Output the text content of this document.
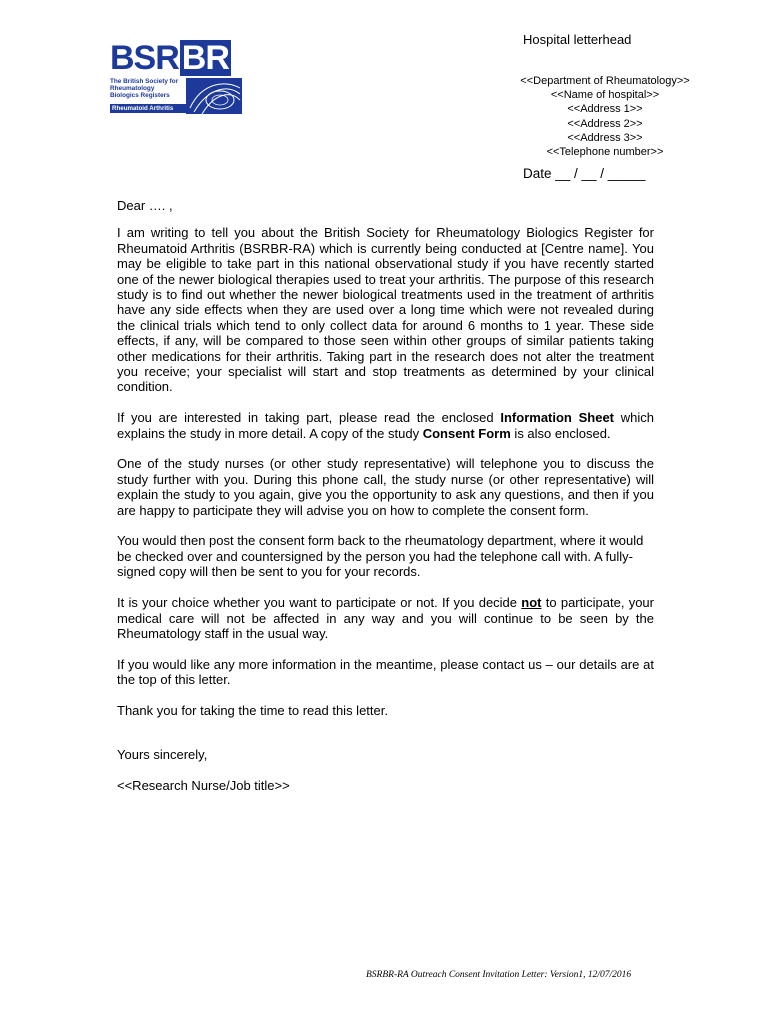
Hospital letterhead
BSR BR
The British Society for
Rheumatology
Biologics Registers
Rheumatoid Arthritis
<<Department of Rheumatology>>
<<Name of hospital>>
<<Address 1>>
<<Address 2>>
<<Address 3>>
<<Telephone number>>
Date __ / __ / _____

Dear …. ,

I am writing to tell you about the British Society for Rheumatology Biologics Register for Rheumatoid Arthritis (BSRBR-RA) which is currently being conducted at [Centre name]. You may be eligible to take part in this national observational study if you have recently started one of the newer biological therapies used to treat your arthritis. The purpose of this research study is to find out whether the newer biological treatments used in the treatment of arthritis have any side effects when they are used over a long time which were not revealed during the clinical trials which tend to only collect data for around 6 months to 1 year. These side effects, if any, will be compared to those seen within other groups of similar patients taking other medications for their arthritis. Taking part in the research does not alter the treatment you receive; your specialist will start and stop treatments as determined by your clinical condition.

If you are interested in taking part, please read the enclosed Information Sheet which explains the study in more detail. A copy of the study Consent Form is also enclosed.

One of the study nurses (or other study representative) will telephone you to discuss the study further with you. During this phone call, the study nurse (or other representative) will explain the study to you again, give you the opportunity to ask any questions, and then if you are happy to participate they will advise you on how to complete the consent form.

You would then post the consent form back to the rheumatology department, where it would be checked over and countersigned by the person you had the telephone call with. A fully-signed copy will then be sent to you for your records.

It is your choice whether you want to participate or not. If you decide not to participate, your medical care will not be affected in any way and you will continue to be seen by the Rheumatology staff in the usual way.

If you would like any more information in the meantime, please contact us – our details are at the top of this letter.

Thank you for taking the time to read this letter.

Yours sincerely,

<<Research Nurse/Job title>>

BSRBR-RA Outreach Consent Invitation Letter: Version1, 12/07/2016
